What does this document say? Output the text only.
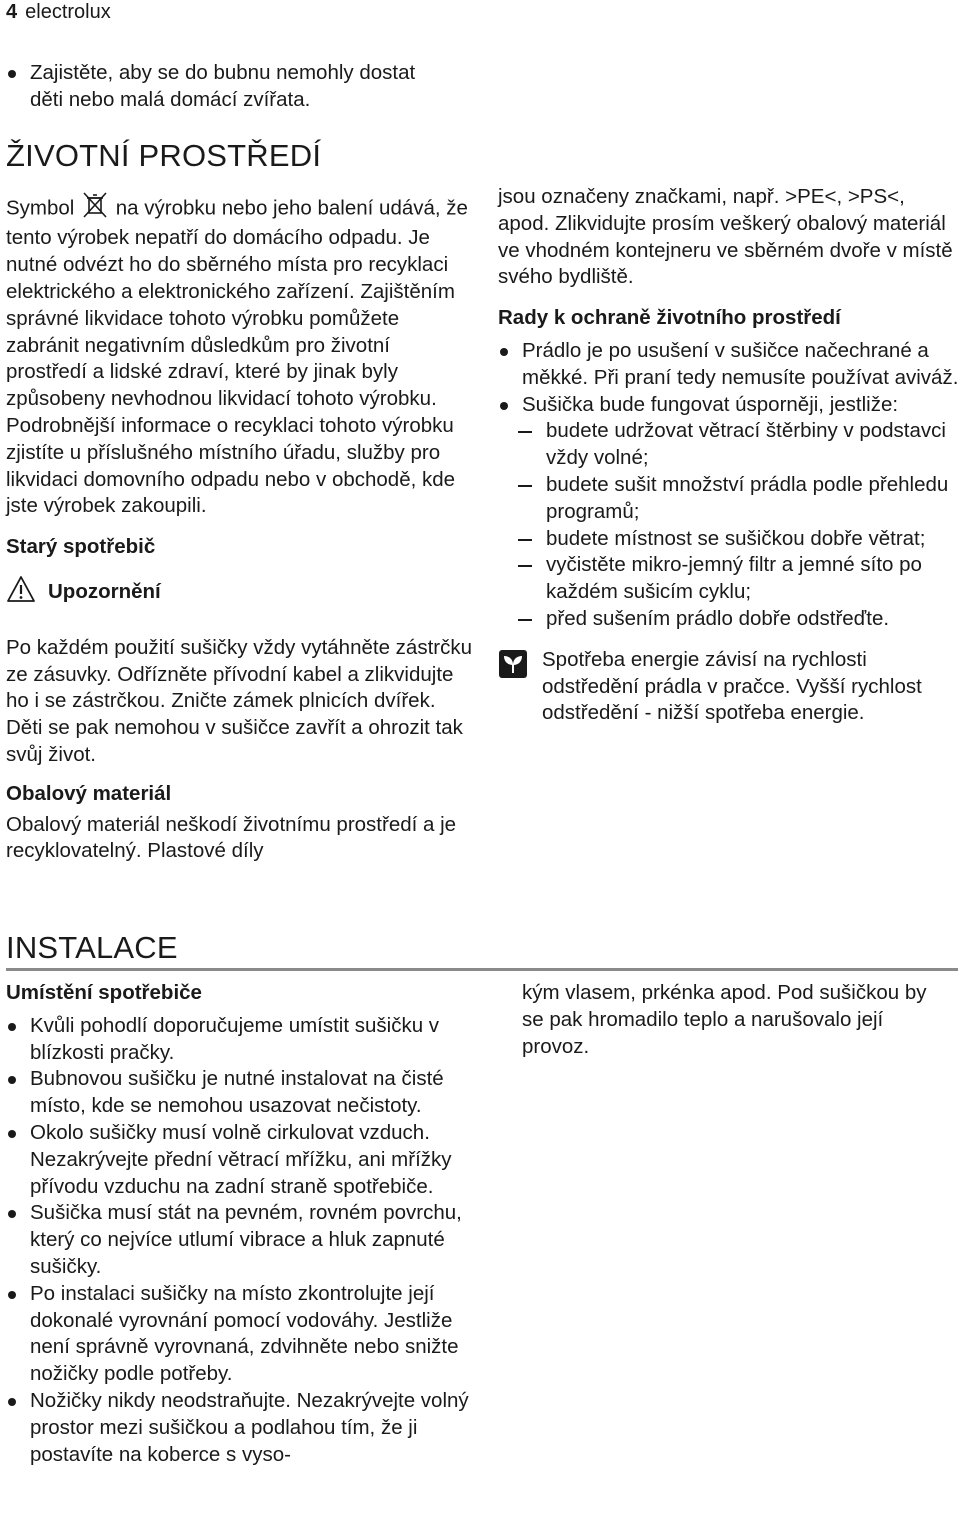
4 electrolux
Zajistěte, aby se do bubnu nemohly dostat děti nebo malá domácí zvířata.
ŽIVOTNÍ PROSTŘEDÍ

Symbol na výrobku nebo jeho balení udává, že tento výrobek nepatří do domácího odpadu. Je nutné odvézt ho do sběrného místa pro recyklaci elektrického a elektronického zařízení. Zajištěním správné likvidace tohoto výrobku pomůžete zabránit negativním důsledkům pro životní prostředí a lidské zdraví, které by jinak byly způsobeny nevhodnou likvidací tohoto výrobku. Podrobnější informace o recyklaci tohoto výrobku zjistíte u příslušného místního úřadu, služby pro likvidaci domovního odpadu nebo v obchodě, kde jste výrobek zakoupili.

Starý spotřebič
Upozornění

Po každém použití sušičky vždy vytáhněte zástrčku ze zásuvky. Odřízněte přívodní kabel a zlikvidujte ho i se zástrčkou. Zničte zámek plnicích dvířek. Děti se pak nemohou v sušičce zavřít a ohrozit tak svůj život.

Obalový materiál

Obalový materiál neškodí životnímu prostředí a je recyklovatelný. Plastové díly

jsou označeny značkami, např. >PE<, >PS<, apod. Zlikvidujte prosím veškerý obalový materiál ve vhodném kontejneru ve sběrném dvoře v místě svého bydliště.

Rady k ochraně životního prostředí
Prádlo je po usušení v sušičce načechrané a měkké. Při praní tedy nemusíte používat aviváž.
Sušička bude fungovat úsporněji, jestliže:
budete udržovat větrací štěrbiny v podstavci vždy volné;
budete sušit množství prádla podle přehledu programů;
budete místnost se sušičkou dobře větrat;
vyčistěte mikro-jemný filtr a jemné síto po každém sušicím cyklu;
před sušením prádlo dobře odstřeďte.

Spotřeba energie závisí na rychlosti odstředění prádla v pračce. Vyšší rychlost odstředění - nižší spotřeba energie.

INSTALACE
Umístění spotřebiče
Kvůli pohodlí doporučujeme umístit sušičku v blízkosti pračky.
Bubnovou sušičku je nutné instalovat na čisté místo, kde se nemohou usazovat nečistoty.
Okolo sušičky musí volně cirkulovat vzduch. Nezakrývejte přední větrací mřížku, ani mřížky přívodu vzduchu na zadní straně spotřebiče.
Sušička musí stát na pevném, rovném povrchu, který co nejvíce utlumí vibrace a hluk zapnuté sušičky.
Po instalaci sušičky na místo zkontrolujte její dokonalé vyrovnání pomocí vodováhy. Jestliže není správně vyrovnaná, zdvihněte nebo snižte nožičky podle potřeby.
Nožičky nikdy neodstraňujte. Nezakrývejte volný prostor mezi sušičkou a podlahou tím, že ji postavíte na koberce s vyso-

kým vlasem, prkénka apod. Pod sušičkou by se pak hromadilo teplo a narušovalo její provoz.
